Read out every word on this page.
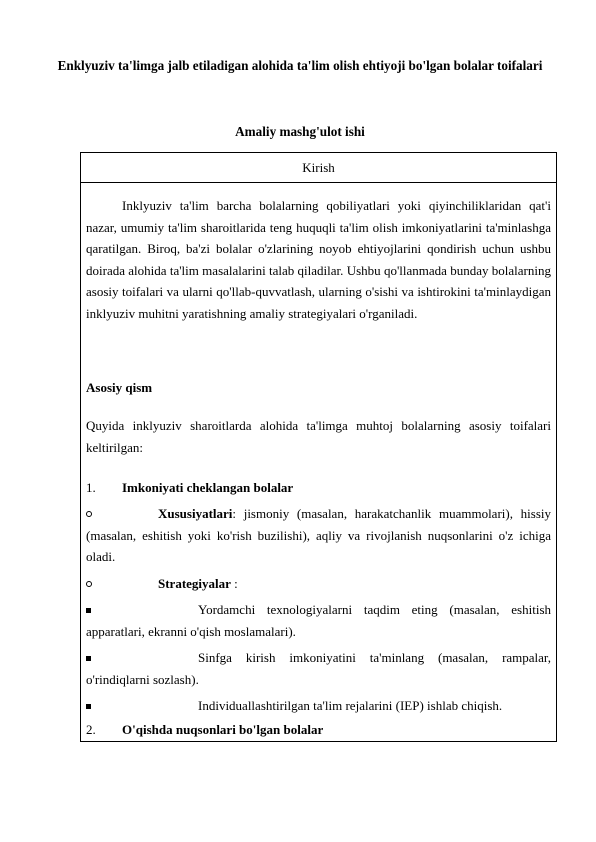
Enklyuziv ta'limga jalb etiladigan alohida ta'lim olish ehtiyoji bo'lgan bolalar toifalari

Amaliy mashg'ulot ishi

Kirish

Inklyuziv ta'lim barcha bolalarning qobiliyatlari yoki qiyinchiliklaridan qat'i nazar, umumiy ta'lim sharoitlarida teng huquqli ta'lim olish imkoniyatlarini ta'minlashga qaratilgan. Biroq, ba'zi bolalar o'zlarining noyob ehtiyojlarini qondirish uchun ushbu doirada alohida ta'lim masalalarini talab qiladilar. Ushbu qo'llanmada bunday bolalarning asosiy toifalari va ularni qo'llab-quvvatlash, ularning o'sishi va ishtirokini ta'minlaydigan inklyuziv muhitni yaratishning amaliy strategiyalari o'rganiladi.

Asosiy qism

Quyida inklyuziv sharoitlarda alohida ta'limga muhtoj bolalarning asosiy toifalari keltirilgan:

1. Imkoniyati cheklangan bolalar

Xususiyatlari: jismoniy (masalan, harakatchanlik muammolari), hissiy (masalan, eshitish yoki ko'rish buzilishi), aqliy va rivojlanish nuqsonlarini o'z ichiga oladi.

Strategiyalar :

Yordamchi texnologiyalarni taqdim eting (masalan, eshitish apparatlari, ekranni o'qish moslamalari).

Sinfga kirish imkoniyatini ta'minlang (masalan, rampalar, o'rindiqlarni sozlash).

Individuallashtirilgan ta'lim rejalarini (IEP) ishlab chiqish.

2. O'qishda nuqsonlari bo'lgan bolalar
